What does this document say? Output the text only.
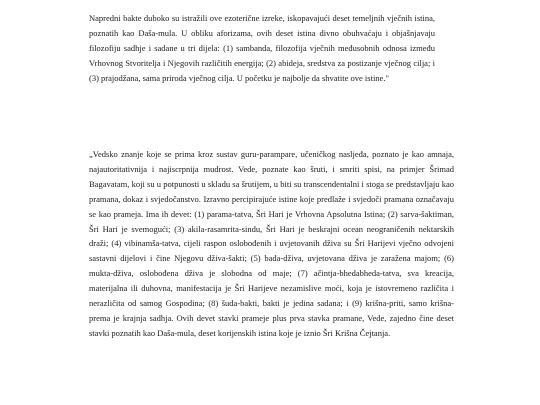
Napredni bakte duboko su istražili ove ezoterične izreke, iskopavajući deset temeljnih vječnih istina, poznatih kao Daša-mula. U obliku aforizama, ovih deset istina divno obuhvaćaju i objašnjavaju filozofiju sadhje i sadane u tri dijela: (1) sambanda, filozofija vječnih međusobnih odnosa između Vrhovnog Stvoritelja i Njegovih različitih energija; (2) abideja, sredstva za postizanje vječnog cilja; i (3) prajodžana, sama priroda vječnog cilja. U početku je najbolje da shvatite ove istine."

„Vedsko znanje koje se prima kroz sustav guru-parampare, učeničkog nasljeđa, poznato je kao amnaja, najautoritativnija i najiscrpnija mudrost. Vede, poznate kao šruti, i smriti spisi, na primjer Šrimad Bagavatam, koji su u potpunosti u skladu sa šrutijem, u biti su transcendentalni i stoga se predstavljaju kao pramana, dokaz i svjedočanstvo. Izravno percipirajuće istine koje predlaže i svjedoči pramana označavaju se kao prameja. Ima ih devet: (1) parama-tatva, Šri Hari je Vrhovna Apsolutna Istina; (2) sarva-šaktiman, Šri Hari je svemogući; (3) akila-rasamrita-sindu, Šri Hari je beskrajni ocean neograničenih nektarskih draži; (4) vibinamša-tatva, cijeli raspon oslobođenih i uvjetovanih dživa su Šri Harijevi vječno odvojeni sastavni dijelovi i čine Njegovu dživa-šakti; (5) bada-dživa, uvjetovana dživa je zaražena majom; (6) mukta-dživa, oslobođena dživa je slobodna od maje; (7) ačintja-bhedabheda-tatva, sva kreacija, materijalna ili duhovna, manifestacija je Šri Harijeve nezamislive moći, koja je istovremeno različita i nerazličita od samog Gospodina; (8) šuda-bakti, bakti je jedina sadana; i (9) krišna-priti, samo krišna-prema je krajnja sadhja. Ovih devet stavki prameje plus prva stavka pramane, Vede, zajedno čine deset stavki poznatih kao Daša-mula, deset korijenskih istina koje je iznio Šri Krišna Čejtanja.
